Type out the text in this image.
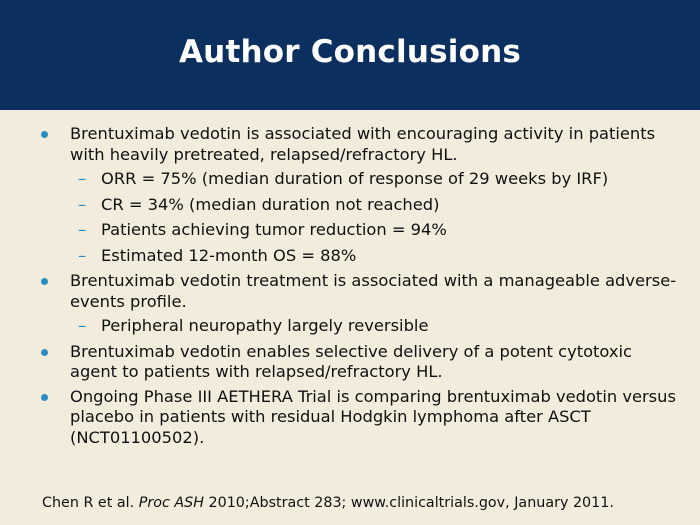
Author Conclusions
Brentuximab vedotin is associated with encouraging activity in patients with heavily pretreated, relapsed/refractory HL.
– ORR = 75% (median duration of response of 29 weeks by IRF)
– CR = 34% (median duration not reached)
– Patients achieving tumor reduction = 94%
– Estimated 12-month OS = 88%
Brentuximab vedotin treatment is associated with a manageable adverse-events profile.
– Peripheral neuropathy largely reversible
Brentuximab vedotin enables selective delivery of a potent cytotoxic agent to patients with relapsed/refractory HL.
Ongoing Phase III AETHERA Trial is comparing brentuximab vedotin versus placebo in patients with residual Hodgkin lymphoma after ASCT (NCT01100502).
Chen R et al. Proc ASH 2010;Abstract 283; www.clinicaltrials.gov, January 2011.
